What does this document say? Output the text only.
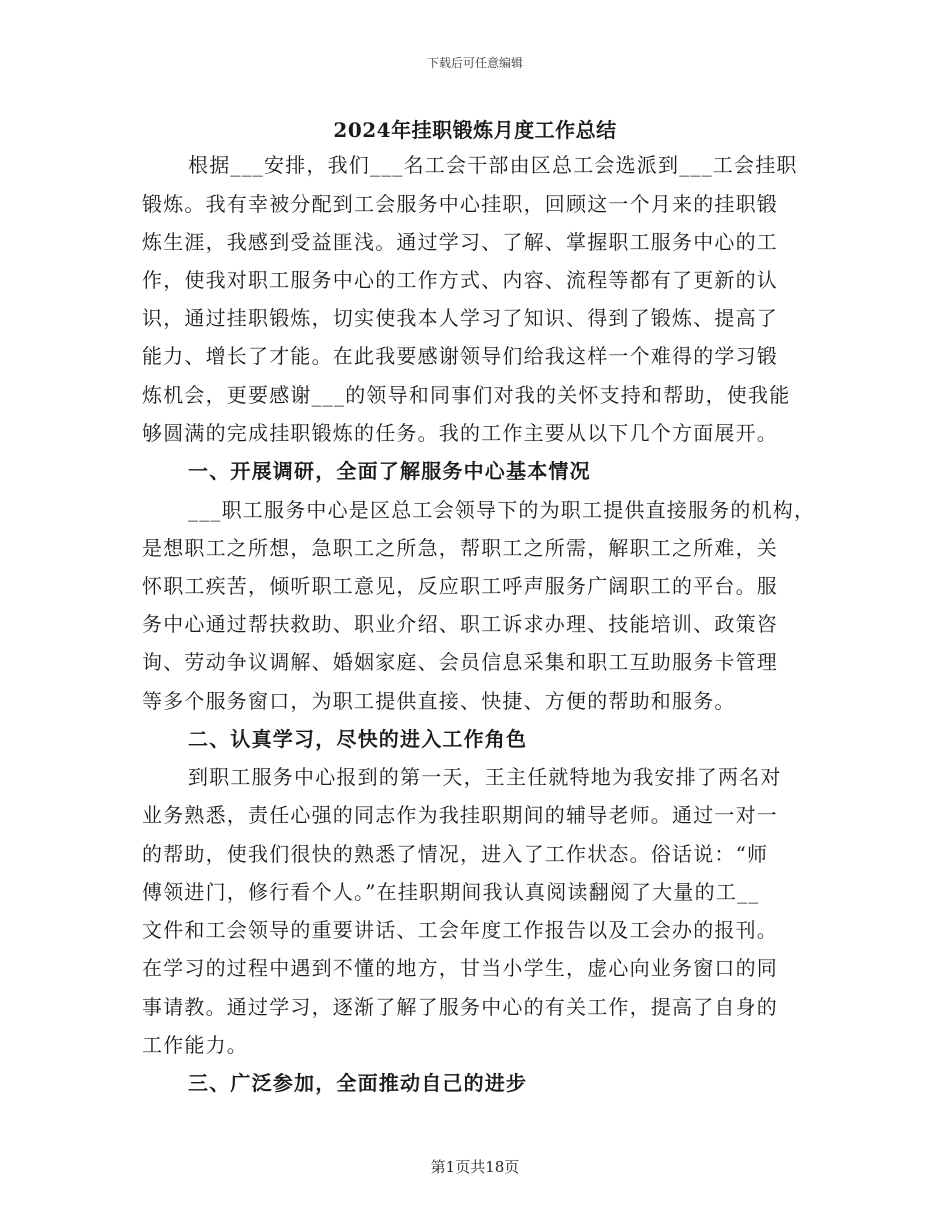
下载后可任意编辑
2024年挂职锻炼月度工作总结
根据___安排，我们___名工会干部由区总工会选派到___工会挂职
锻炼。我有幸被分配到工会服务中心挂职，回顾这一个月来的挂职锻
炼生涯，我感到受益匪浅。通过学习、了解、掌握职工服务中心的工
作，使我对职工服务中心的工作方式、内容、流程等都有了更新的认
识，通过挂职锻炼，切实使我本人学习了知识、得到了锻炼、提高了
能力、增长了才能。在此我要感谢领导们给我这样一个难得的学习锻
炼机会，更要感谢___的领导和同事们对我的关怀支持和帮助，使我能
够圆满的完成挂职锻炼的任务。我的工作主要从以下几个方面展开。
一、开展调研，全面了解服务中心基本情况
___职工服务中心是区总工会领导下的为职工提供直接服务的机构，
是想职工之所想，急职工之所急，帮职工之所需，解职工之所难，关
怀职工疾苦，倾听职工意见，反应职工呼声服务广阔职工的平台。服
务中心通过帮扶救助、职业介绍、职工诉求办理、技能培训、政策咨
询、劳动争议调解、婚姻家庭、会员信息采集和职工互助服务卡管理
等多个服务窗口，为职工提供直接、快捷、方便的帮助和服务。
二、认真学习，尽快的进入工作角色
到职工服务中心报到的第一天，王主任就特地为我安排了两名对
业务熟悉，责任心强的同志作为我挂职期间的辅导老师。通过一对一
的帮助，使我们很快的熟悉了情况，进入了工作状态。俗话说：“师
傅领进门，修行看个人。”在挂职期间我认真阅读翻阅了大量的工__
文件和工会领导的重要讲话、工会年度工作报告以及工会办的报刊。
在学习的过程中遇到不懂的地方，甘当小学生，虚心向业务窗口的同
事请教。通过学习，逐渐了解了服务中心的有关工作，提高了自身的
工作能力。
三、广泛参加，全面推动自己的进步
第1页共18页
